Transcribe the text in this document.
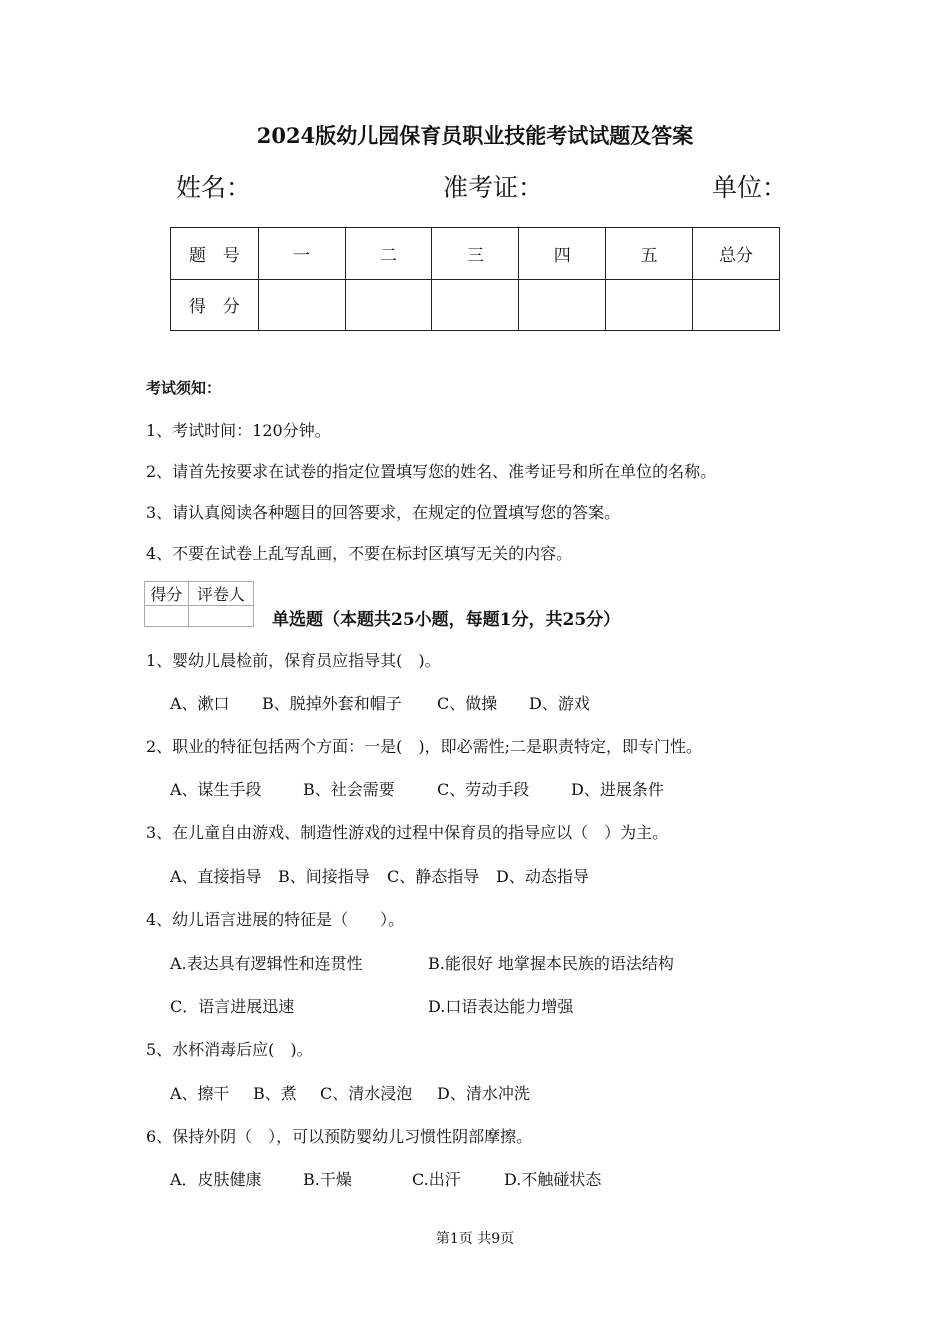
2024版幼儿园保育员职业技能考试试题及答案
姓名：	准考证：	单位：
题　号	一	二	三	四	五	总分
得　分						
考试须知：
1、考试时间：120分钟。
2、请首先按要求在试卷的指定位置填写您的姓名、准考证号和所在单位的名称。
3、请认真阅读各种题目的回答要求，在规定的位置填写您的答案。
4、不要在试卷上乱写乱画，不要在标封区填写无关的内容。
得分	评卷人

单选题（本题共25小题，每题1分，共25分）
1、婴幼儿晨检前，保育员应指导其(　)。
A、漱口 B、脱掉外套和帽子 C、做操 D、游戏
2、职业的特征包括两个方面：一是(　)，即必需性;二是职责特定，即专门性。
A、谋生手段	B、社会需要	C、劳动手段	D、进展条件
3、在儿童自由游戏、制造性游戏的过程中保育员的指导应以（　）为主。
A、直接指导 B、间接指导 C、静态指导 D、动态指导
4、幼儿语言进展的特征是（　　）。
A.表达具有逻辑性和连贯性	B.能很好 地掌握本民族的语法结构
C．语言进展迅速	D.口语表达能力增强
5、水杯消毒后应(　)。
A、擦干 B、煮 C、清水浸泡 D、清水冲洗
6、保持外阴（　），可以预防婴幼儿习惯性阴部摩擦。
A．皮肤健康	B.干燥	C.出汗	D.不触碰状态
第1页 共9页
